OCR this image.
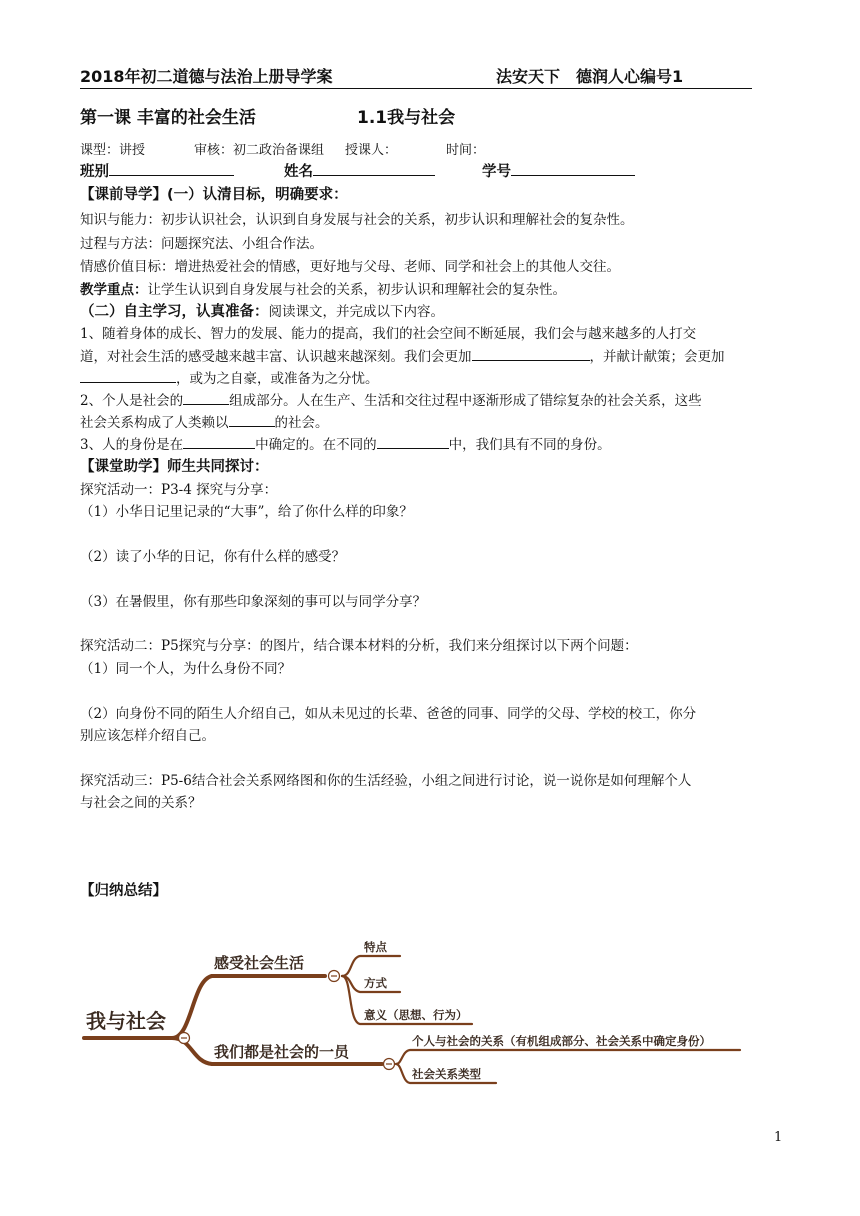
2018年初二道德与法治上册导学案	法安天下　德润人心编号1
第一课 丰富的社会生活	1.1我与社会
课型：讲授	审核：初二政治备课组 授课人：	时间：
班别	姓名	学号
【课前导学】(一）认清目标，明确要求：
知识与能力：初步认识社会，认识到自身发展与社会的关系，初步认识和理解社会的复杂性。
过程与方法：问题探究法、小组合作法。
情感价值目标：增进热爱社会的情感，更好地与父母、老师、同学和社会上的其他人交往。
教学重点：让学生认识到自身发展与社会的关系，初步认识和理解社会的复杂性。
（二）自主学习，认真准备：阅读课文，并完成以下内容。
1、随着身体的成长、智力的发展、能力的提高，我们的社会空间不断延展，我们会与越来越多的人打交
道，对社会生活的感受越来越丰富、认识越来越深刻。我们会更加	，并献计献策；会更加
，或为之自豪，或准备为之分忧。
2、个人是社会的	组成部分。人在生产、生活和交往过程中逐渐形成了错综复杂的社会关系，这些
社会关系构成了人类赖以	的社会。
3、人的身份是在	中确定的。在不同的	中，我们具有不同的身份。
【课堂助学】师生共同探讨：
探究活动一：P3-4 探究与分享：
（1）小华日记里记录的“大事”，给了你什么样的印象？
（2）读了小华的日记，你有什么样的感受？
（3）在暑假里，你有那些印象深刻的事可以与同学分享？
探究活动二：P5探究与分享：的图片，结合课本材料的分析，我们来分组探讨以下两个问题：
（1）同一个人，为什么身份不同？
（2）向身份不同的陌生人介绍自己，如从未见过的长辈、爸爸的同事、同学的父母、学校的校工，你分
别应该怎样介绍自己。
探究活动三：P5-6结合社会关系网络图和你的生活经验，小组之间进行讨论，说一说你是如何理解个人
与社会之间的关系？
【归纳总结】
我与社会
感受社会生活
我们都是社会的一员
特点
方式
意义（思想、行为）
个人与社会的关系（有机组成部分、社会关系中确定身份）
社会关系类型
1
